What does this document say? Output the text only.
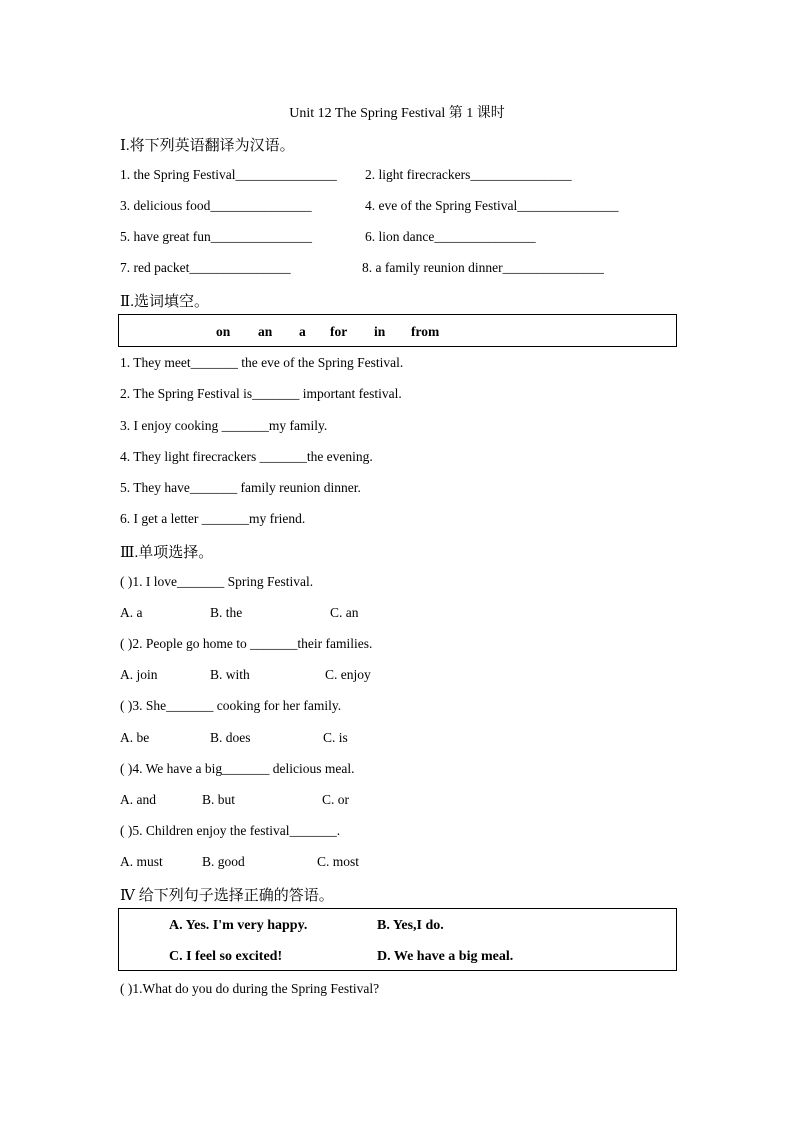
Unit 12 The Spring Festival 第 1 课时
Ⅰ.将下列英语翻译为汉语。
1. the Spring Festival_______________ 2. light firecrackers_______________
3. delicious food_______________	4. eve of the Spring Festival_______________
5. have great fun_______________	6. lion dance_______________
7. red packet_______________	8. a family reunion dinner_______________
Ⅱ.选词填空。
on an a for in from
1. They meet_______ the eve of the Spring Festival.
2. The Spring Festival is_______ important festival.
3. I enjoy cooking _______my family.
4. They light firecrackers _______the evening.
5. They have_______ family reunion dinner.
6. I get a letter _______my friend.
Ⅲ.单项选择。
( )1. I love_______ Spring Festival.
A. a	B. the	C. an
( )2. People go home to _______their families.
A. join	B. with	C. enjoy
( )3. She_______ cooking for her family.
A. be	B. does	C. is
( )4. We have a big_______ delicious meal.
A. and	B. but	C. or
( )5. Children enjoy the festival_______.
A. must	B. good	C. most
Ⅳ 给下列句子选择正确的答语。
A. Yes. I'm very happy.	B. Yes,I do.
C. I feel so excited!	D. We have a big meal.
( )1.What do you do during the Spring Festival?
